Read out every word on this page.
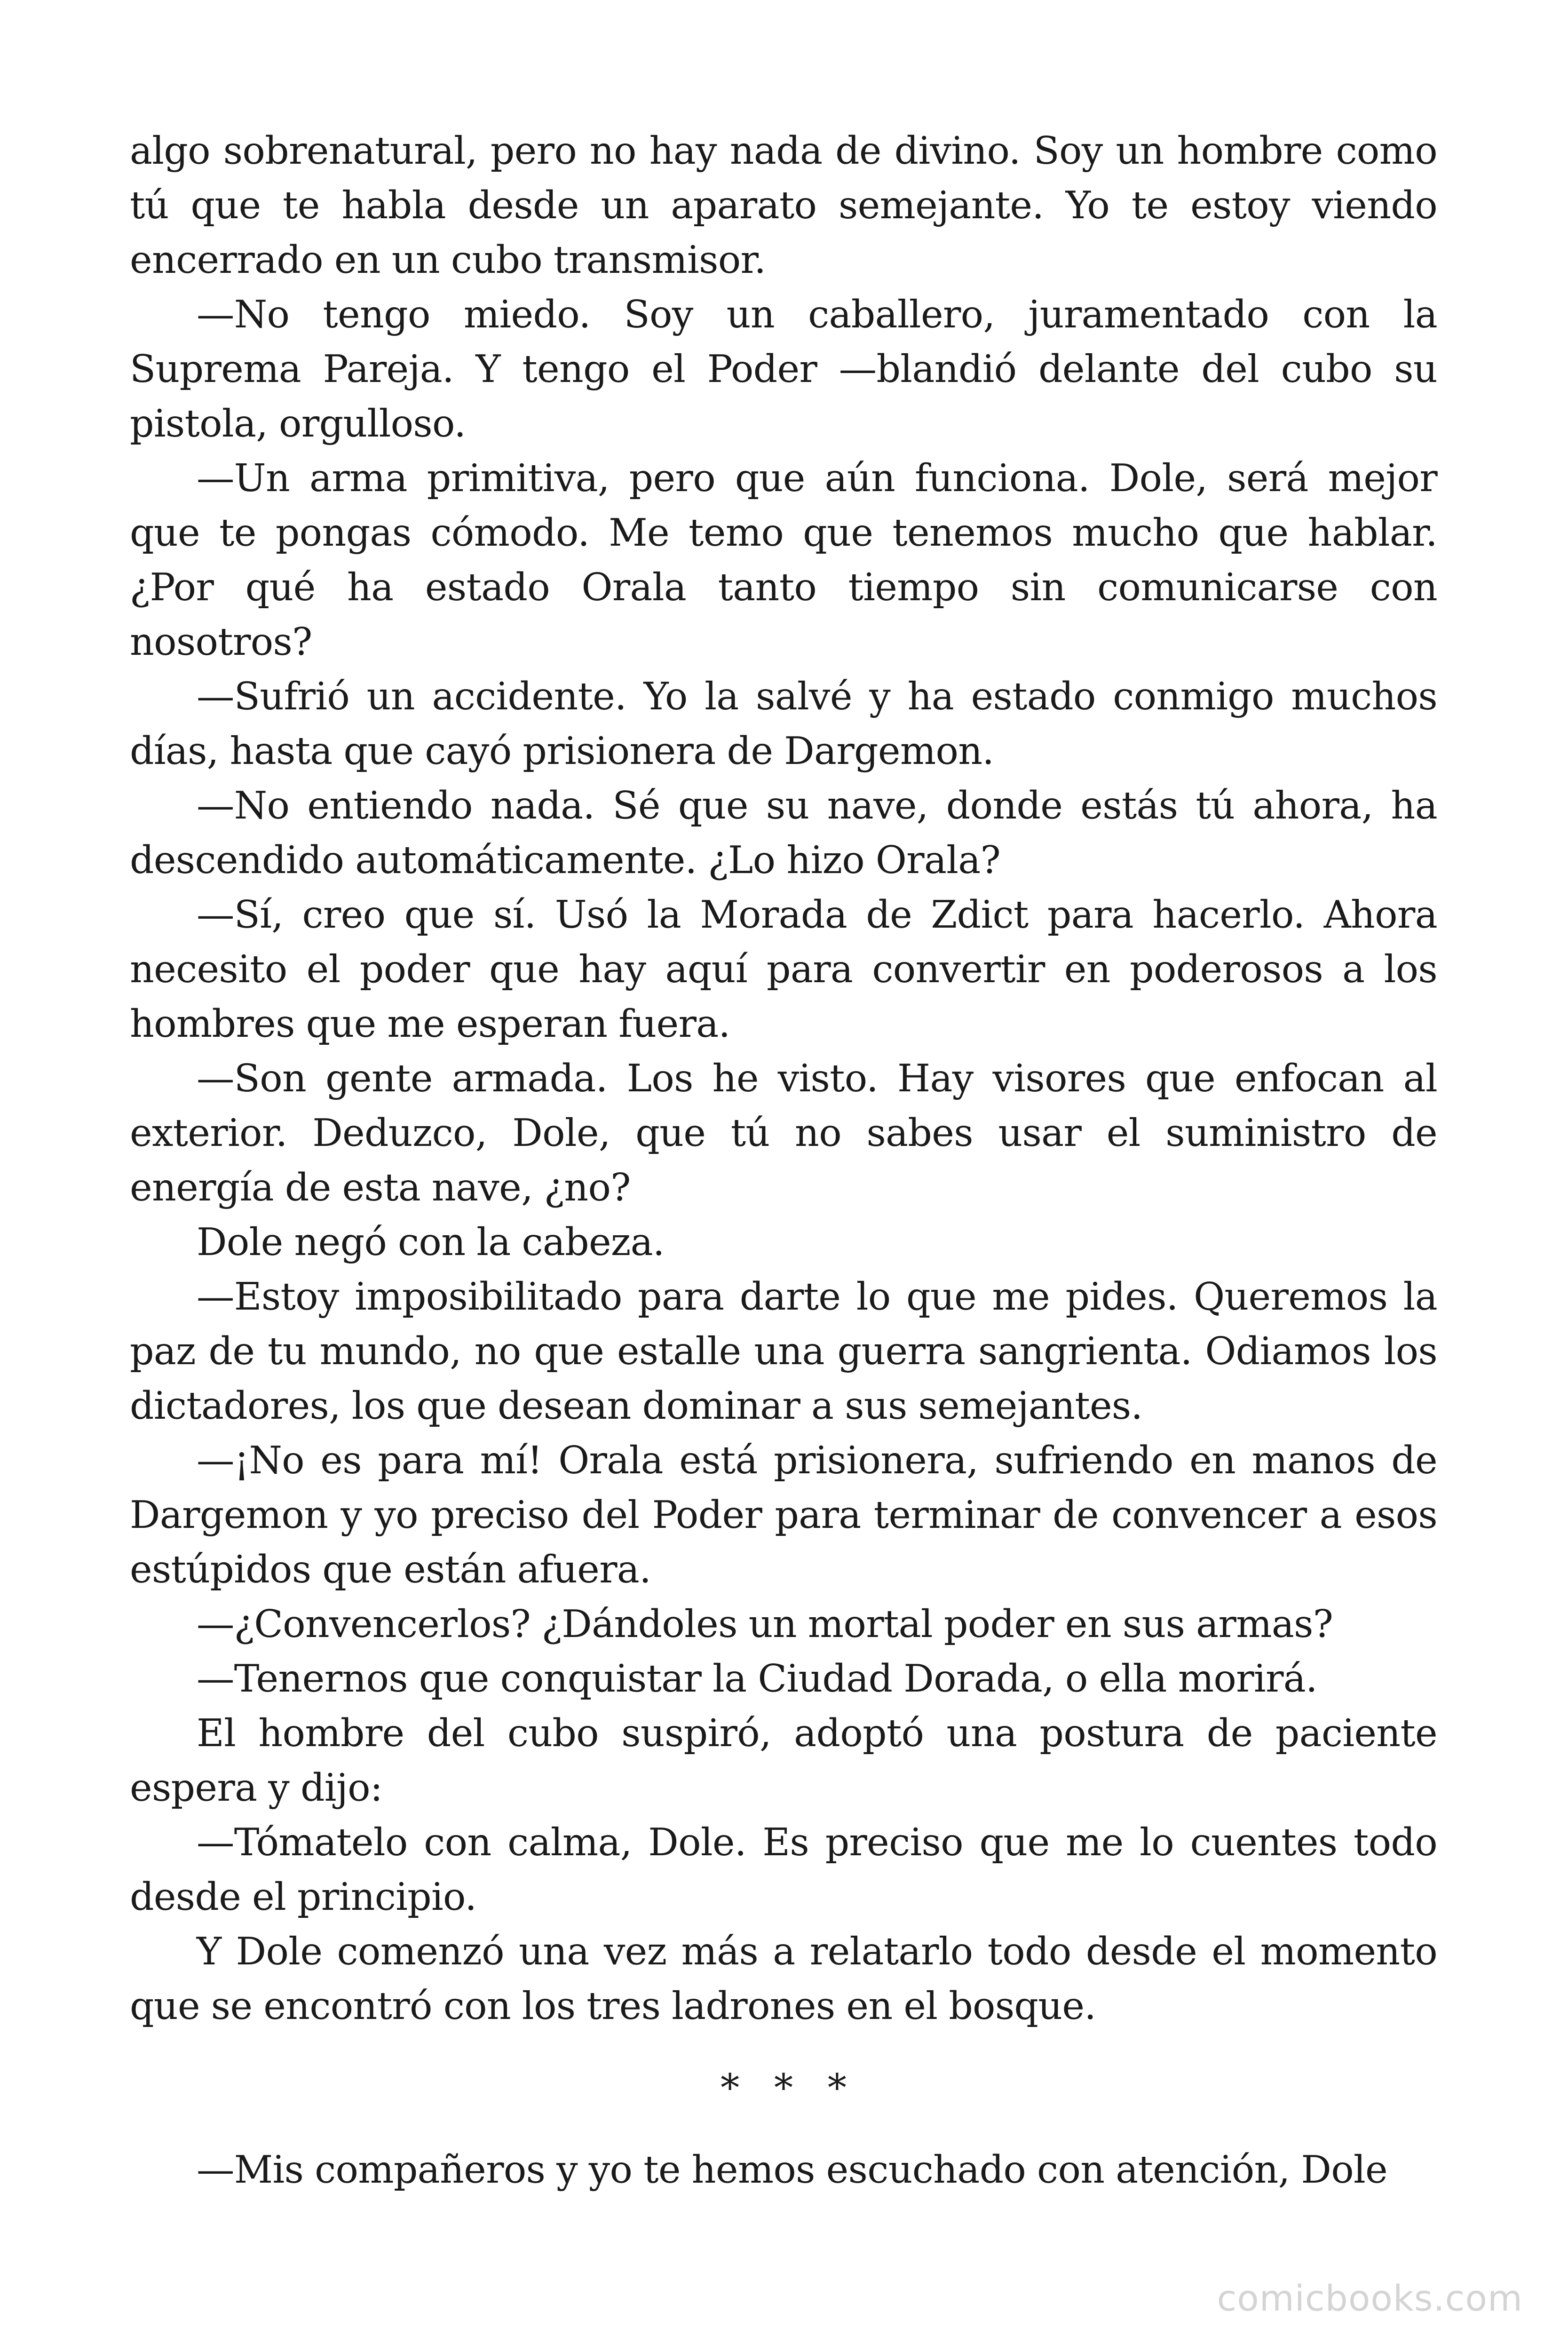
algo sobrenatural, pero no hay nada de divino. Soy un hombre como tú que te habla desde un aparato semejante. Yo te estoy viendo encerrado en un cubo transmisor.

—No tengo miedo. Soy un caballero, juramentado con la Suprema Pareja. Y tengo el Poder —blandió delante del cubo su pistola, orgulloso.

—Un arma primitiva, pero que aún funciona. Dole, será mejor que te pongas cómodo. Me temo que tenemos mucho que hablar. ¿Por qué ha estado Orala tanto tiempo sin comunicarse con nosotros?

—Sufrió un accidente. Yo la salvé y ha estado conmigo muchos días, hasta que cayó prisionera de Dargemon.

—No entiendo nada. Sé que su nave, donde estás tú ahora, ha descendido automáticamente. ¿Lo hizo Orala?

—Sí, creo que sí. Usó la Morada de Zdict para hacerlo. Ahora necesito el poder que hay aquí para convertir en poderosos a los hombres que me esperan fuera.

—Son gente armada. Los he visto. Hay visores que enfocan al exterior. Deduzco, Dole, que tú no sabes usar el suministro de energía de esta nave, ¿no?

Dole negó con la cabeza.

—Estoy imposibilitado para darte lo que me pides. Queremos la paz de tu mundo, no que estalle una guerra sangrienta. Odiamos los dictadores, los que desean dominar a sus semejantes.

—¡No es para mí! Orala está prisionera, sufriendo en manos de Dargemon y yo preciso del Poder para terminar de convencer a esos estúpidos que están afuera.

—¿Convencerlos? ¿Dándoles un mortal poder en sus armas?

—Tenernos que conquistar la Ciudad Dorada, o ella morirá.

El hombre del cubo suspiró, adoptó una postura de paciente espera y dijo:

—Tómatelo con calma, Dole. Es preciso que me lo cuentes todo desde el principio.

Y Dole comenzó una vez más a relatarlo todo desde el momento que se encontró con los tres ladrones en el bosque.

* * *

—Mis compañeros y yo te hemos escuchado con atención, Dole

comicbooks.com
